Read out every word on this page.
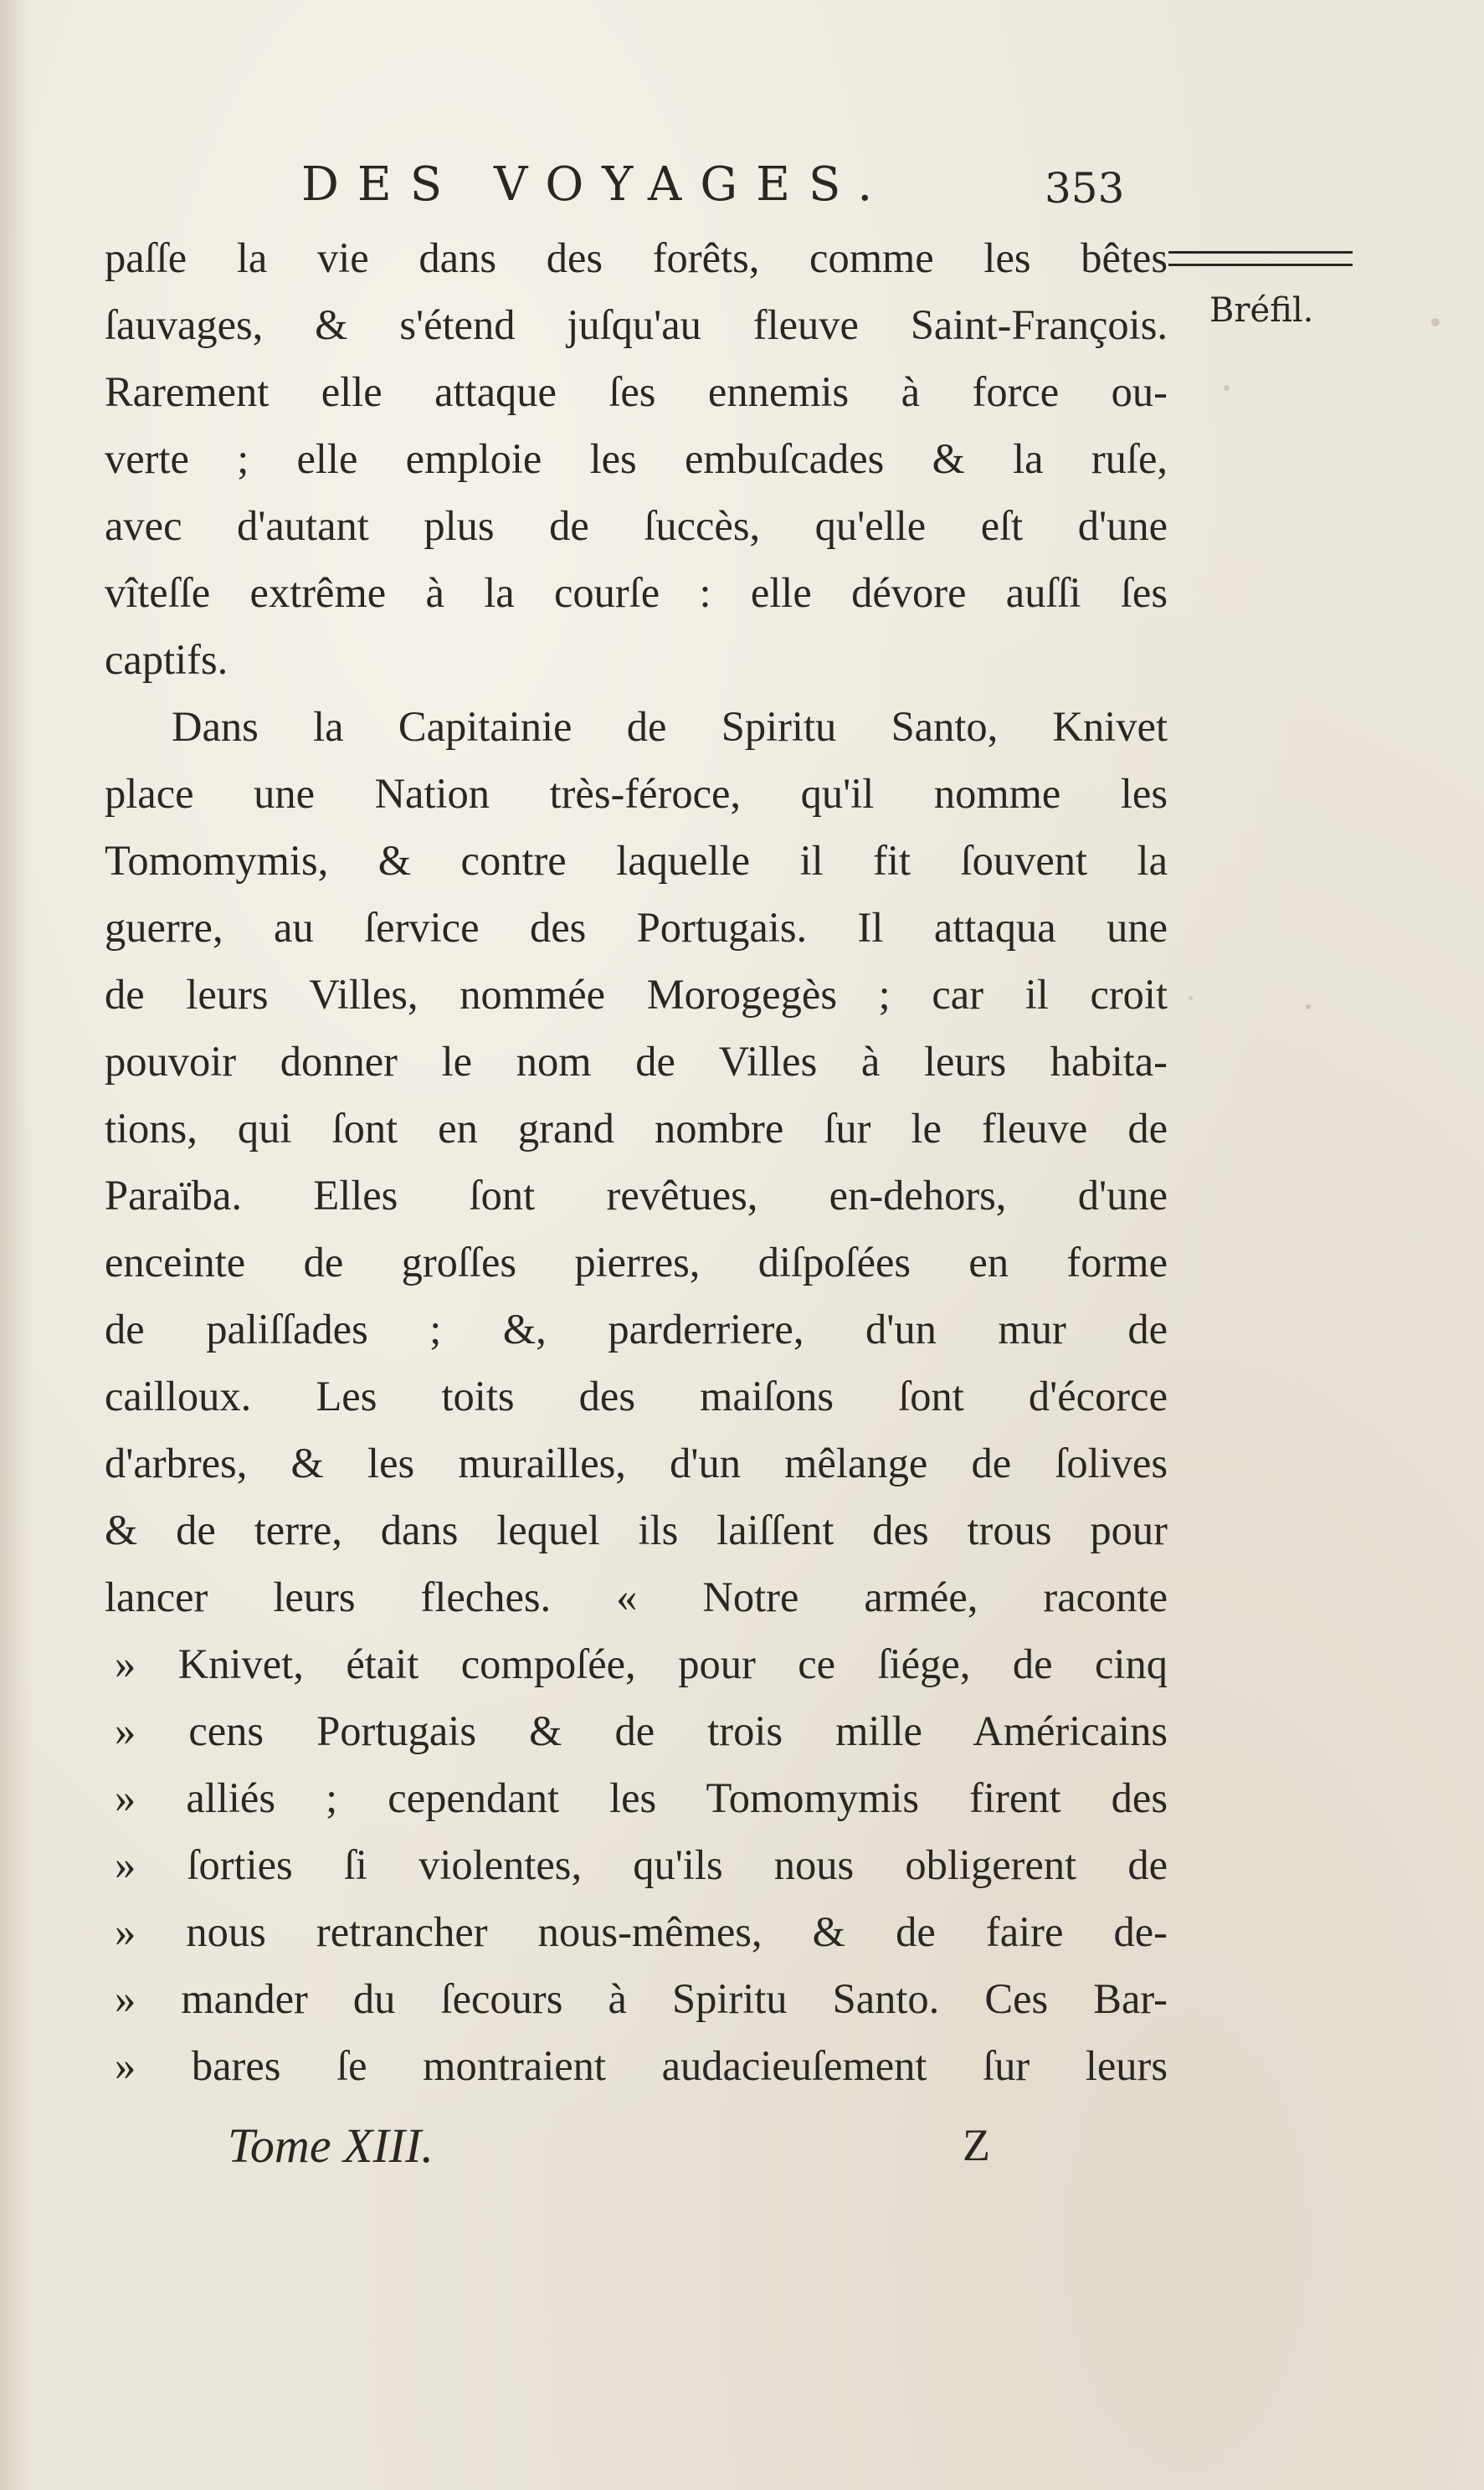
DES VOYAGES.	353
Bréfil.
paſſe la vie dans des forêts, comme les bêtes
ſauvages, & s'étend juſqu'au fleuve Saint-François.
Rarement elle attaque ſes ennemis à force ou-
verte ; elle emploie les embuſcades & la ruſe,
avec d'autant plus de ſuccès, qu'elle eſt d'une
vîteſſe extrême à la courſe : elle dévore auſſi ſes
captifs.
Dans la Capitainie de Spiritu Santo, Knivet
place une Nation très-féroce, qu'il nomme les
Tomomymis, & contre laquelle il fit ſouvent la
guerre, au ſervice des Portugais. Il attaqua une
de leurs Villes, nommée Morogegès ; car il croit
pouvoir donner le nom de Villes à leurs habita-
tions, qui ſont en grand nombre ſur le fleuve de
Paraïba. Elles ſont revêtues, en-dehors, d'une
enceinte de groſſes pierres, diſpoſées en forme
de paliſſades ; &, parderriere, d'un mur de
cailloux. Les toits des maiſons ſont d'écorce
d'arbres, & les murailles, d'un mêlange de ſolives
& de terre, dans lequel ils laiſſent des trous pour
lancer leurs fleches. « Notre armée, raconte
» Knivet, était compoſée, pour ce ſiége, de cinq
» cens Portugais & de trois mille Américains
» alliés ; cependant les Tomomymis firent des
» ſorties ſi violentes, qu'ils nous obligerent de
» nous retrancher nous-mêmes, & de faire de-
» mander du ſecours à Spiritu Santo. Ces Bar-
» bares ſe montraient audacieuſement ſur leurs
Tome XIII.	Z
